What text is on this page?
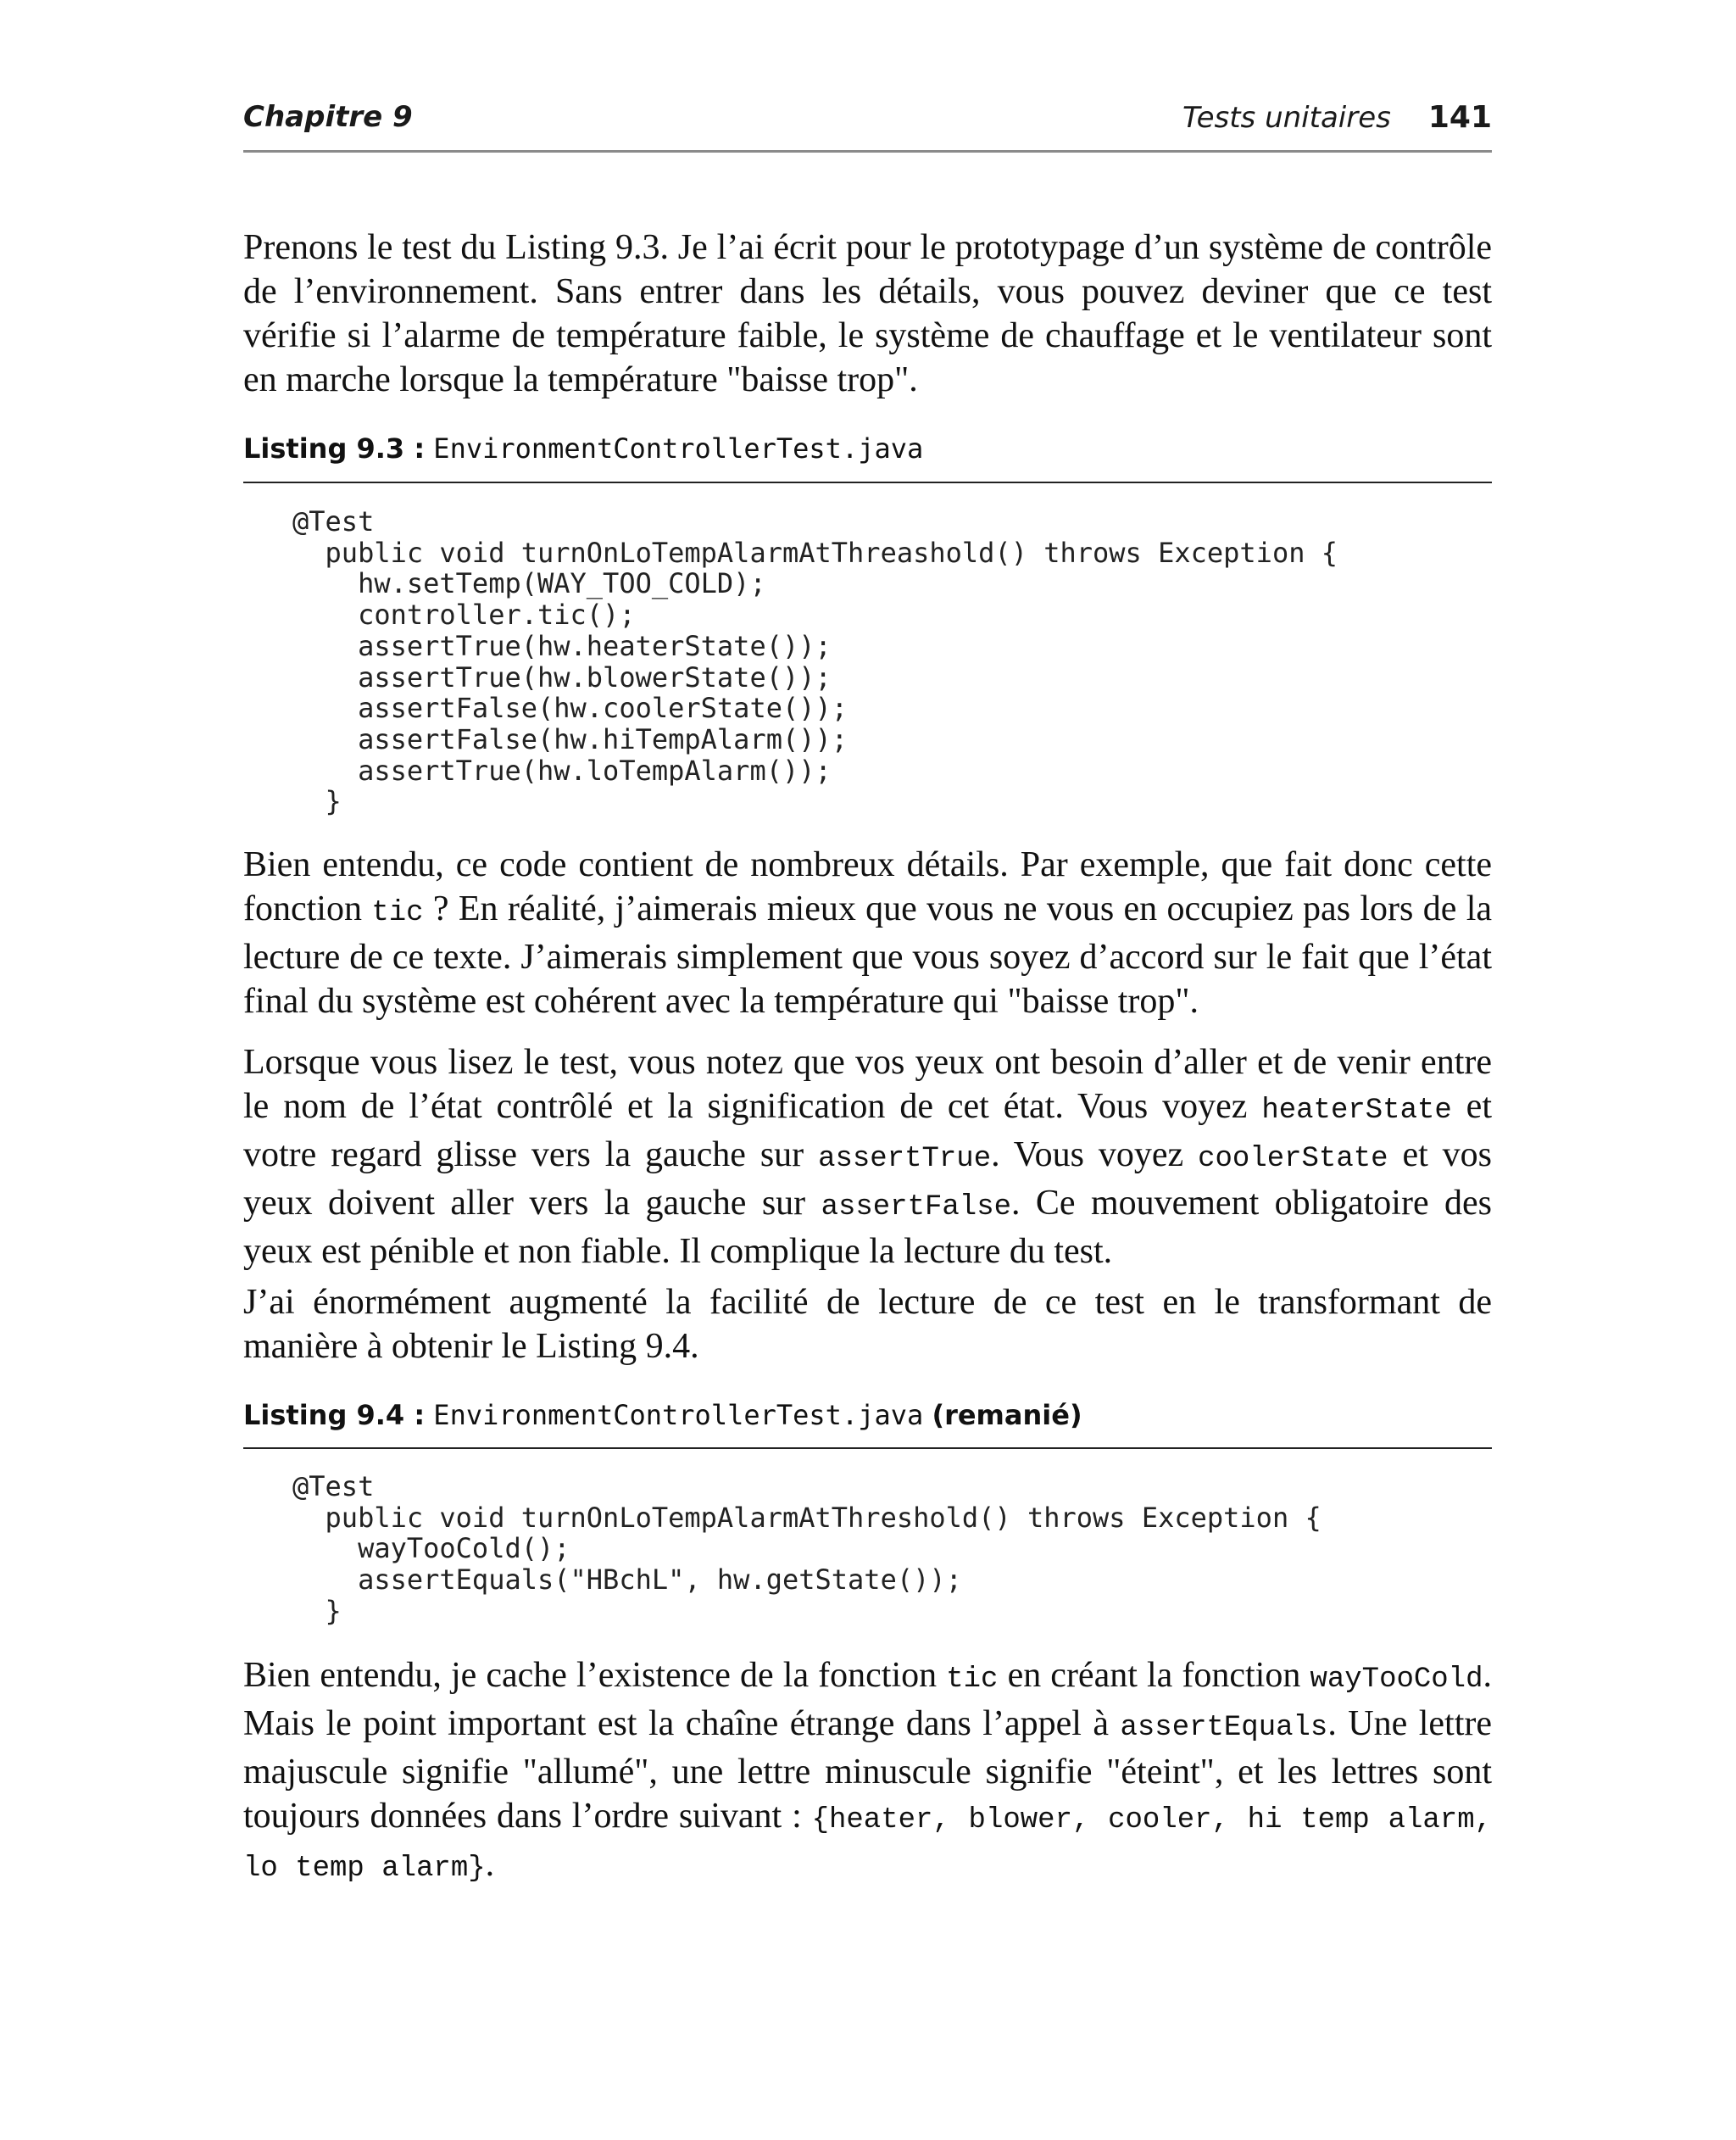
Chapitre 9	Tests unitaires 141

Prenons le test du Listing 9.3. Je l’ai écrit pour le prototypage d’un système de contrôle de l’environnement. Sans entrer dans les détails, vous pouvez deviner que ce test vérifie si l’alarme de température faible, le système de chauffage et le ventilateur sont en marche lorsque la température "baisse trop".

Listing 9.3 : EnvironmentControllerTest.java
@Test
public void turnOnLoTempAlarmAtThreashold() throws Exception {
hw.setTemp(WAY_TOO_COLD);
controller.tic();
assertTrue(hw.heaterState());
assertTrue(hw.blowerState());
assertFalse(hw.coolerState());
assertFalse(hw.hiTempAlarm());
assertTrue(hw.loTempAlarm());
}

Bien entendu, ce code contient de nombreux détails. Par exemple, que fait donc cette fonction tic ? En réalité, j’aimerais mieux que vous ne vous en occupiez pas lors de la lecture de ce texte. J’aimerais simplement que vous soyez d’accord sur le fait que l’état final du système est cohérent avec la température qui "baisse trop".

Lorsque vous lisez le test, vous notez que vos yeux ont besoin d’aller et de venir entre le nom de l’état contrôlé et la signification de cet état. Vous voyez heaterState et votre regard glisse vers la gauche sur assertTrue. Vous voyez coolerState et vos yeux doivent aller vers la gauche sur assertFalse. Ce mouvement obligatoire des yeux est pénible et non fiable. Il complique la lecture du test.

J’ai énormément augmenté la facilité de lecture de ce test en le transformant de manière à obtenir le Listing 9.4.

Listing 9.4 : EnvironmentControllerTest.java (remanié)
@Test
public void turnOnLoTempAlarmAtThreshold() throws Exception {
wayTooCold();
assertEquals("HBchL", hw.getState());
}

Bien entendu, je cache l’existence de la fonction tic en créant la fonction wayTooCold. Mais le point important est la chaîne étrange dans l’appel à assertEquals. Une lettre majuscule signifie "allumé", une lettre minuscule signifie "éteint", et les lettres sont toujours données dans l’ordre suivant : {heater, blower, cooler, hi temp alarm, lo temp alarm}.
